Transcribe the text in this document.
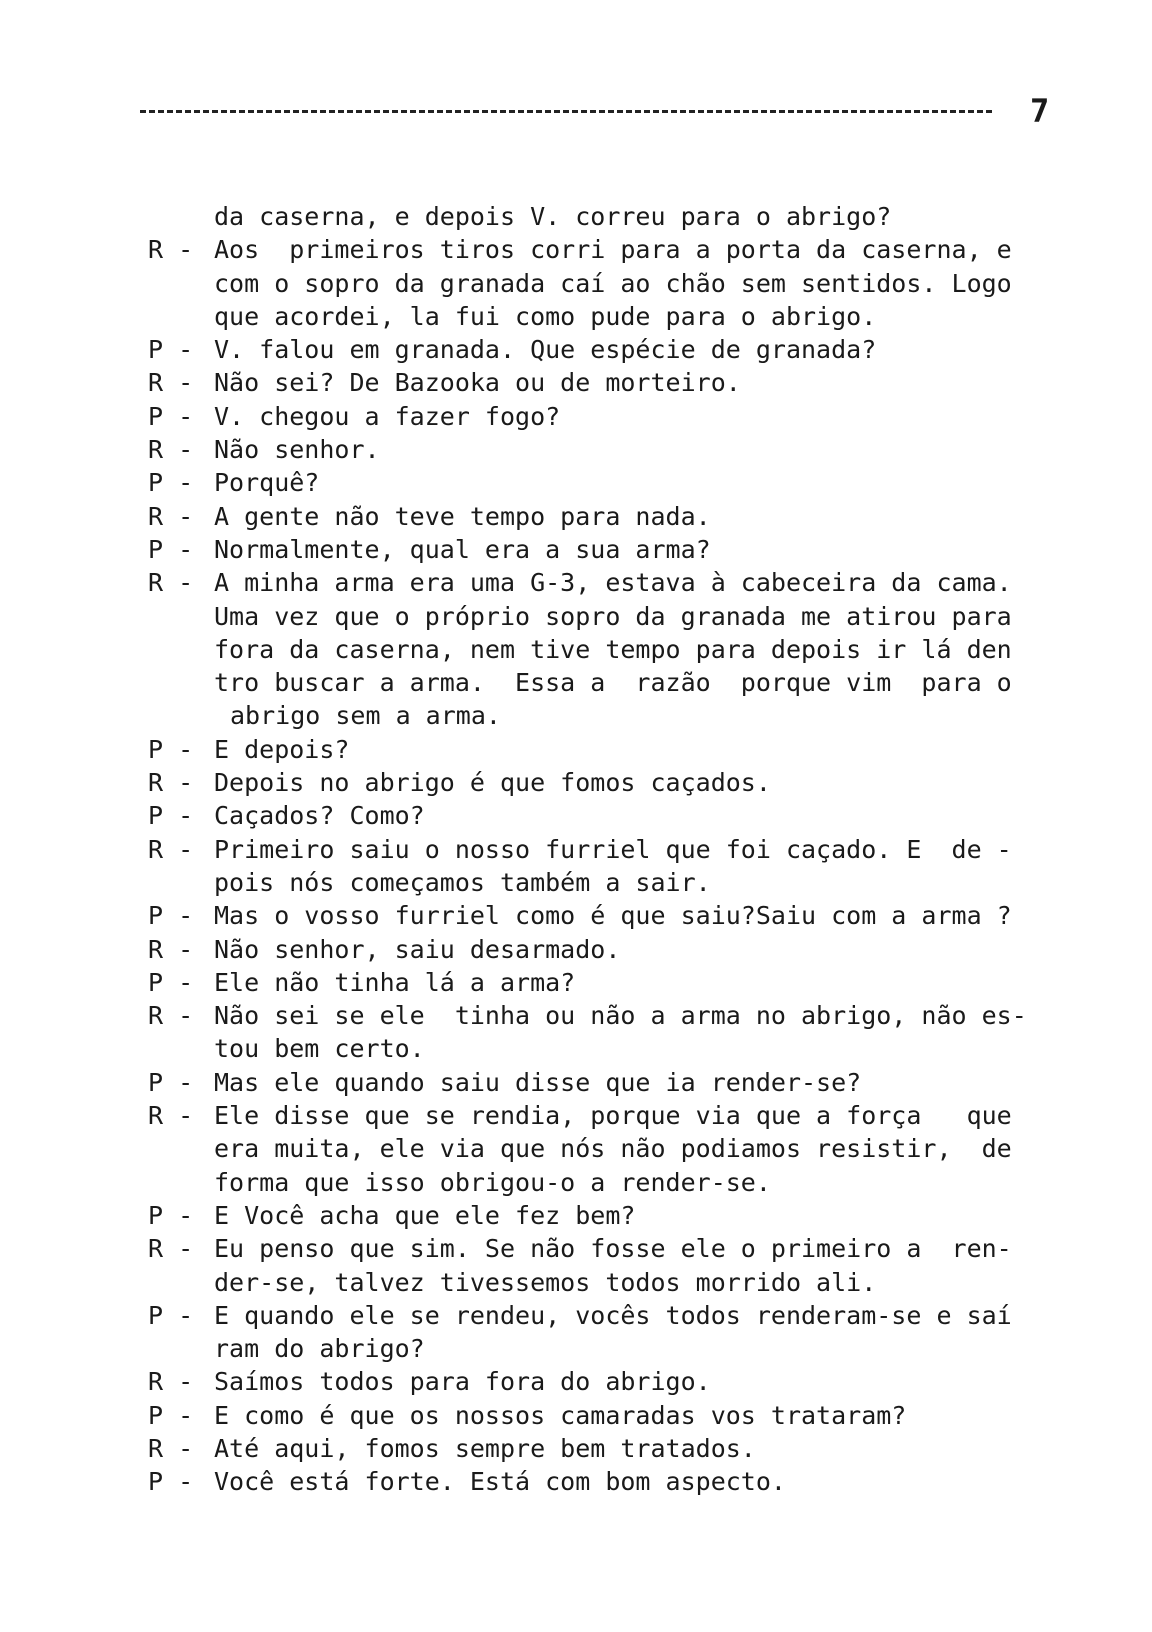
7
da caserna, e depois V. correu para o abrigo?
R - Aos  primeiros tiros corri para a porta da caserna, e
com o sopro da granada caí ao chão sem sentidos. Logo
que acordei, la fui como pude para o abrigo.
P - V. falou em granada. Que espécie de granada?
R - Não sei? De Bazooka ou de morteiro.
P - V. chegou a fazer fogo?
R - Não senhor.
P - Porquê?
R - A gente não teve tempo para nada.
P - Normalmente, qual era a sua arma?
R - A minha arma era uma G-3, estava à cabeceira da cama.
Uma vez que o próprio sopro da granada me atirou para
fora da caserna, nem tive tempo para depois ir lá den
tro buscar a arma.  Essa a  razão  porque vim  para o
abrigo sem a arma.
P - E depois?
R - Depois no abrigo é que fomos caçados.
P - Caçados? Como?
R - Primeiro saiu o nosso furriel que foi caçado. E  de -
pois nós começamos também a sair.
P - Mas o vosso furriel como é que saiu?Saiu com a arma ?
R - Não senhor, saiu desarmado.
P - Ele não tinha lá a arma?
R - Não sei se ele  tinha ou não a arma no abrigo, não es-
tou bem certo.
P - Mas ele quando saiu disse que ia render-se?
R - Ele disse que se rendia, porque via que a força   que
era muita, ele via que nós não podiamos resistir,  de
forma que isso obrigou-o a render-se.
P - E Você acha que ele fez bem?
R - Eu penso que sim. Se não fosse ele o primeiro a  ren-
der-se, talvez tivessemos todos morrido ali.
P - E quando ele se rendeu, vocês todos renderam-se e saí
ram do abrigo?
R - Saímos todos para fora do abrigo.
P - E como é que os nossos camaradas vos trataram?
R - Até aqui, fomos sempre bem tratados.
P - Você está forte. Está com bom aspecto.
